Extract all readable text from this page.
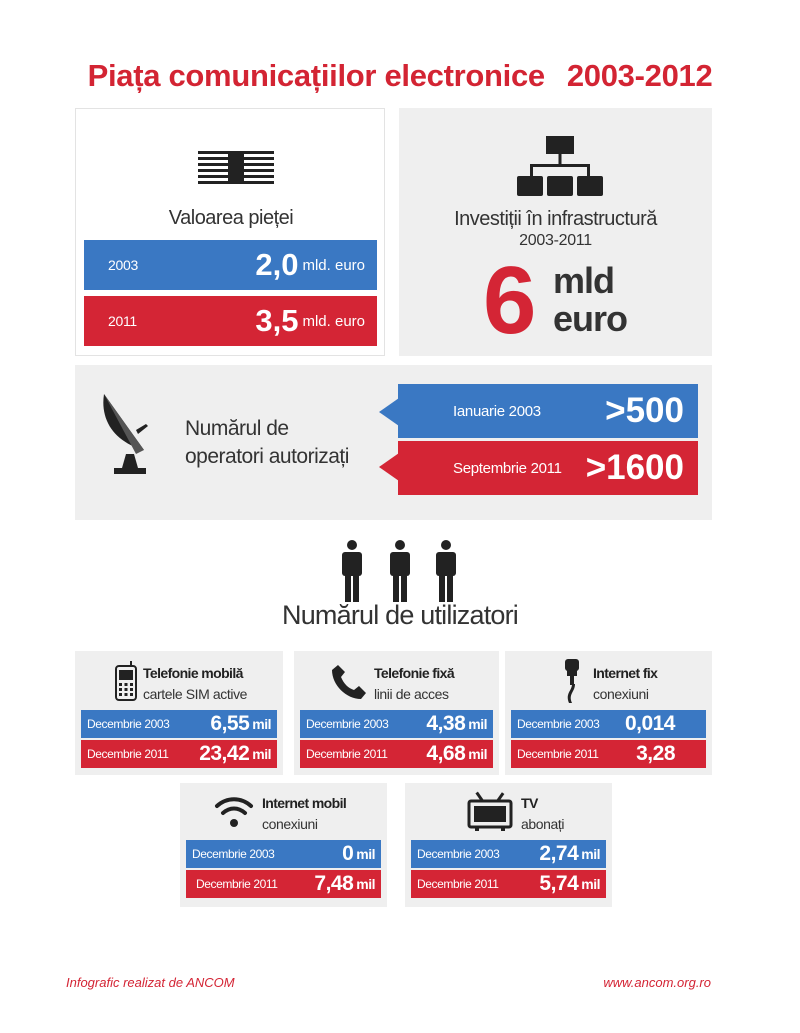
Piața comunicațiilor electronice 2003-2012
Valoarea pieței
2003	2,0 mld. euro
2011	3,5 mld. euro
Investiții în infrastructură
2003-2011
6 mld
euro
Numărul de
operatori autorizați
Ianuarie 2003 >500
Septembrie 2011 >1600
Numărul de utilizatori
Telefonie mobilă
cartele SIM active
Decembrie 2003 6,55 mil
Decembrie 2011 23,42 mil
Telefonie fixă
linii de acces
Decembrie 2003 4,38 mil
Decembrie 2011 4,68 mil
Internet fix
conexiuni
Decembrie 2003 0,014
Decembrie 2011 3,28
Internet mobil
conexiuni
Decembrie 2003	0 mil
Decembrie 2011 7,48 mil
TV
abonați
Decembrie 2003 2,74 mil
Decembrie 2011 5,74 mil
Infografic realizat de ANCOM	www.ancom.org.ro
